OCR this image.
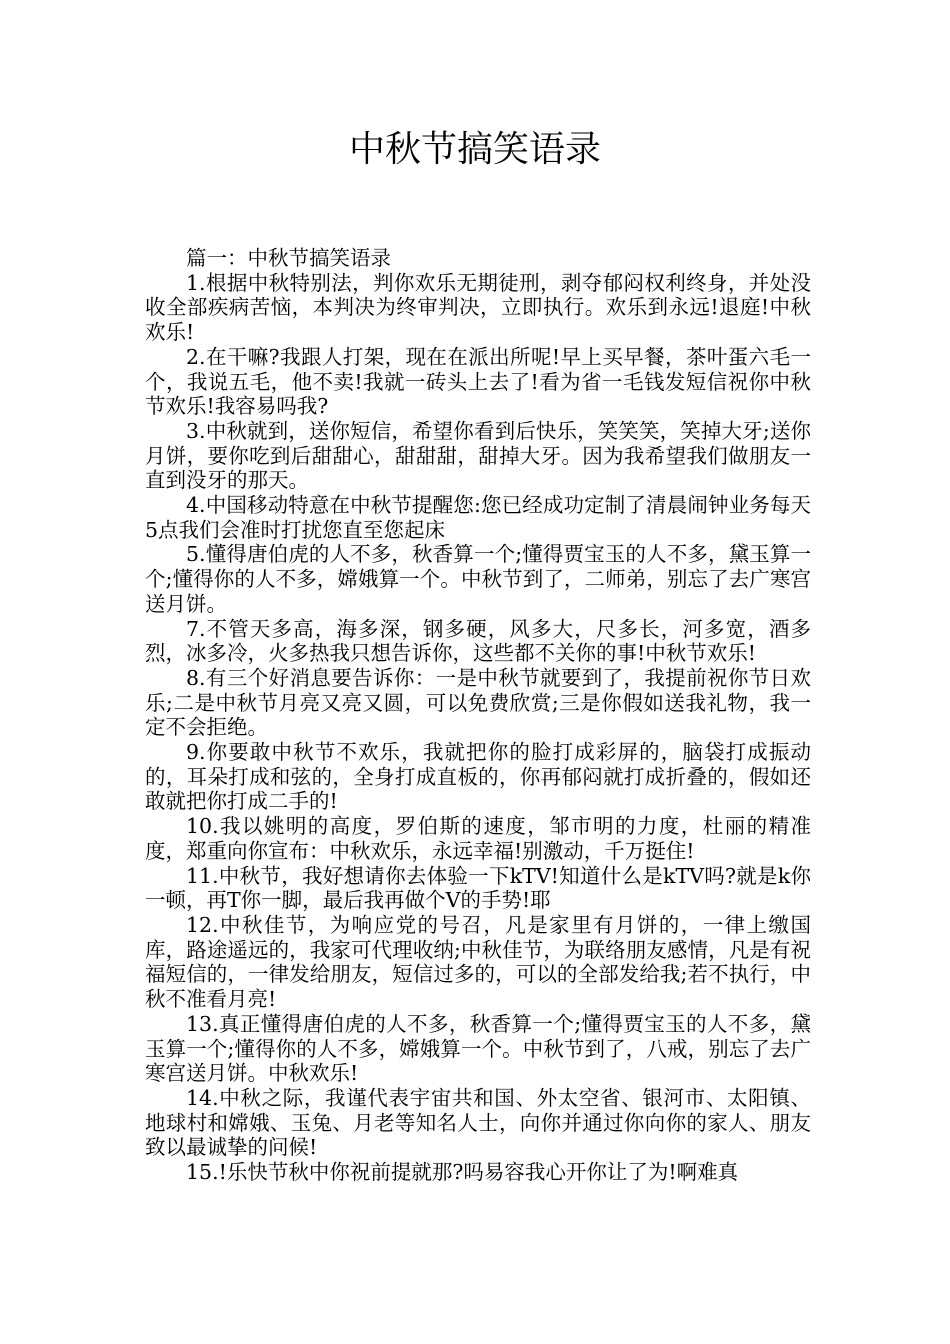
中秋节搞笑语录

篇一：中秋节搞笑语录

1.根据中秋特别法，判你欢乐无期徒刑，剥夺郁闷权利终身，并处没收全部疾病苦恼，本判决为终审判决，立即执行。欢乐到永远!退庭!中秋欢乐!

2.在干嘛?我跟人打架，现在在派出所呢!早上买早餐，茶叶蛋六毛一个，我说五毛，他不卖!我就一砖头上去了!看为省一毛钱发短信祝你中秋节欢乐!我容易吗我?

3.中秋就到，送你短信，希望你看到后快乐，笑笑笑，笑掉大牙;送你月饼，要你吃到后甜甜心，甜甜甜，甜掉大牙。因为我希望我们做朋友一直到没牙的那天。

4.中国移动特意在中秋节提醒您:您已经成功定制了清晨闹钟业务每天5点我们会准时打扰您直至您起床

5.懂得唐伯虎的人不多，秋香算一个;懂得贾宝玉的人不多，黛玉算一个;懂得你的人不多，嫦娥算一个。中秋节到了，二师弟，别忘了去广寒宫送月饼。

7.不管天多高，海多深，钢多硬，风多大，尺多长，河多宽，酒多烈，冰多冷，火多热我只想告诉你，这些都不关你的事!中秋节欢乐!

8.有三个好消息要告诉你：一是中秋节就要到了，我提前祝你节日欢乐;二是中秋节月亮又亮又圆，可以免费欣赏;三是你假如送我礼物，我一定不会拒绝。

9.你要敢中秋节不欢乐，我就把你的脸打成彩屏的，脑袋打成振动的，耳朵打成和弦的，全身打成直板的，你再郁闷就打成折叠的，假如还敢就把你打成二手的!

10.我以姚明的高度，罗伯斯的速度，邹市明的力度，杜丽的精准度，郑重向你宣布：中秋欢乐，永远幸福!别激动，千万挺住!

11.中秋节，我好想请你去体验一下kTV!知道什么是kTV吗?就是k你一顿，再T你一脚，最后我再做个V的手势!耶

12.中秋佳节，为响应党的号召，凡是家里有月饼的，一律上缴国库，路途遥远的，我家可代理收纳;中秋佳节，为联络朋友感情，凡是有祝福短信的，一律发给朋友，短信过多的，可以的全部发给我;若不执行，中秋不准看月亮!

13.真正懂得唐伯虎的人不多，秋香算一个;懂得贾宝玉的人不多，黛玉算一个;懂得你的人不多，嫦娥算一个。中秋节到了，八戒，别忘了去广寒宫送月饼。中秋欢乐!

14.中秋之际，我谨代表宇宙共和国、外太空省、银河市、太阳镇、地球村和嫦娥、玉兔、月老等知名人士，向你并通过你向你的家人、朋友致以最诚挚的问候!

15.!乐快节秋中你祝前提就那?吗易容我心开你让了为!啊难真
